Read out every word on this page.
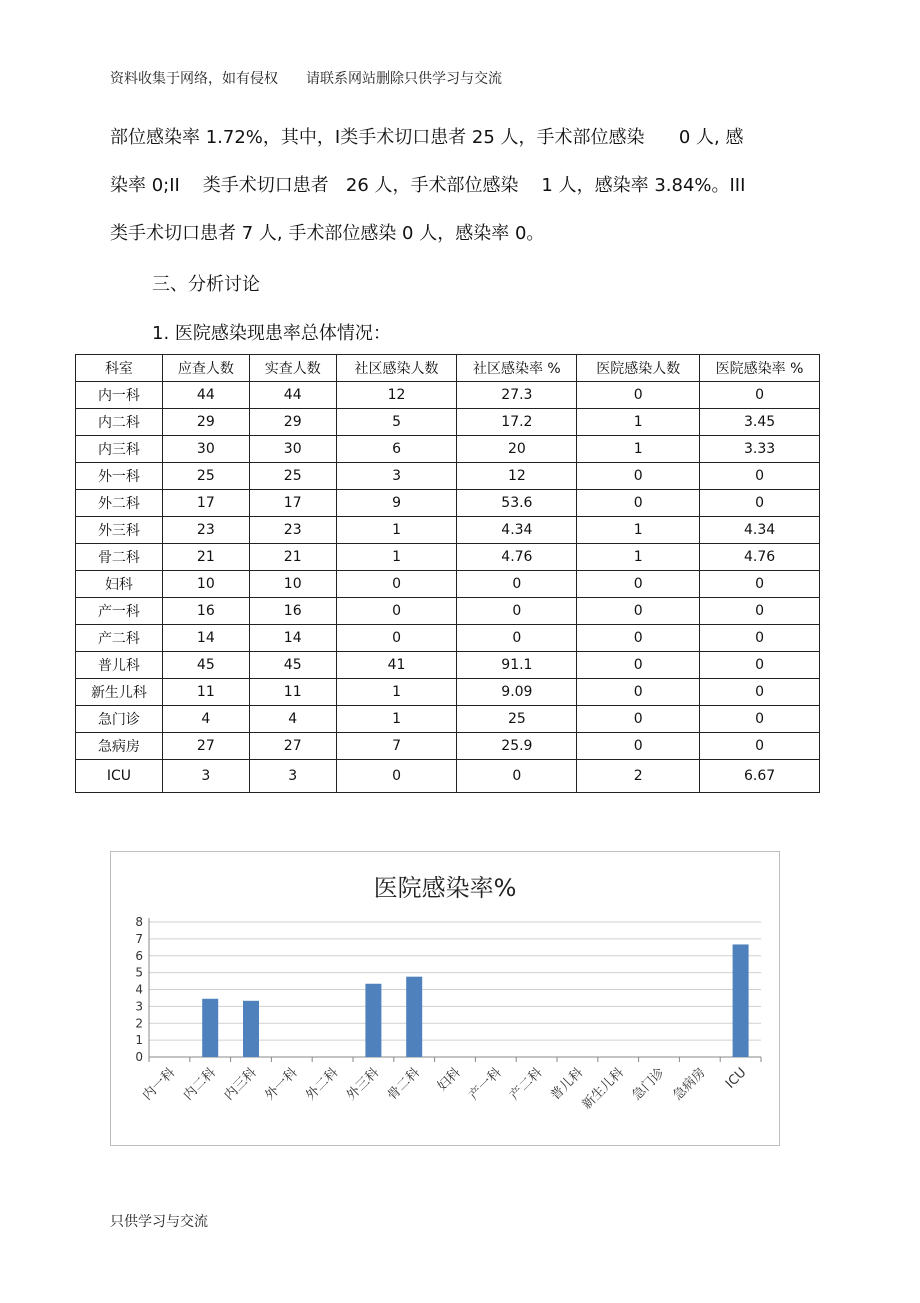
资料收集于网络，如有侵权 请联系网站删除只供学习与交流
部位感染率 1.72%，其中，Ⅰ类手术切口患者 25 人，手术部位感染      0 人, 感
染率 0;II    类手术切口患者   26 人，手术部位感染    1 人，感染率 3.84%。III
类手术切口患者 7 人, 手术部位感染 0 人，感染率 0。
三、分析讨论
1. 医院感染现患率总体情况：
科室	应查人数	实查人数	社区感染人数	社区感染率 %	医院感染人数	医院感染率 %
内一科	44	44	12	27.3	0	0
内二科	29	29	5	17.2	1	3.45
内三科	30	30	6	20	1	3.33
外一科	25	25	3	12	0	0
外二科	17	17	9	53.6	0	0
外三科	23	23	1	4.34	1	4.34
骨二科	21	21	1	4.76	1	4.76
妇科	10	10	0	0	0	0
产一科	16	16	0	0	0	0
产二科	14	14	0	0	0	0
普儿科	45	45	41	91.1	0	0
新生儿科	11	11	1	9.09	0	0
急门诊	4	4	1	25	0	0
急病房	27	27	7	25.9	0	0
ICU	3	3	0	0	2	6.67
医院感染率%
0
1
2
3
4
5
6
7
8
内一科 内二科 内三科 外一科 外二科 外三科 骨二科 妇科 产一科 产二科 普儿科
新生儿科 急门诊 急病房 ICU
只供学习与交流
